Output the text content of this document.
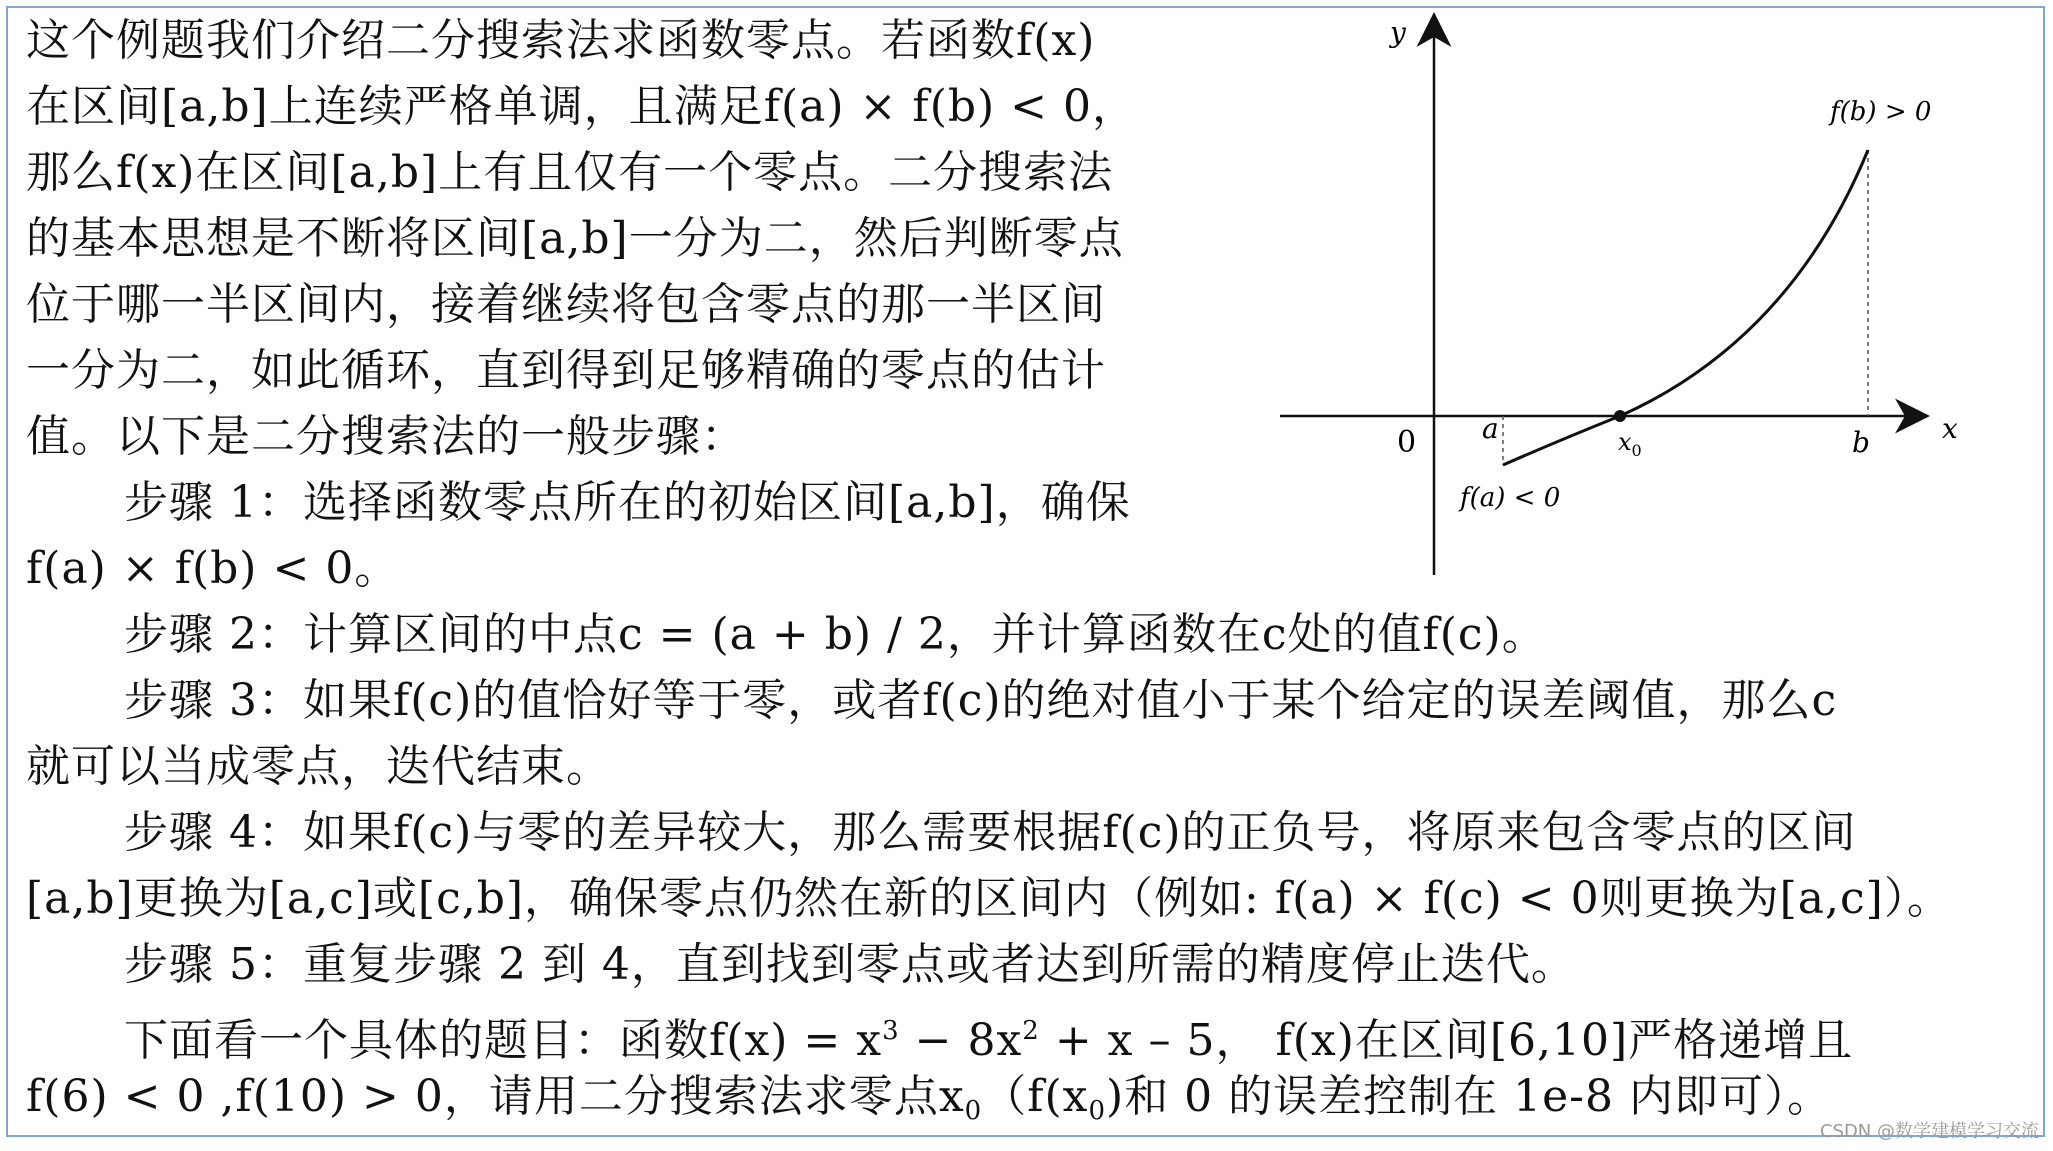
这个例题我们介绍二分搜索法求函数零点。若函数f(x)
在区间[a,b]上连续严格单调，且满足f(a) × f(b) < 0，
那么f(x)在区间[a,b]上有且仅有一个零点。二分搜索法
的基本思想是不断将区间[a,b]一分为二，然后判断零点
位于哪一半区间内，接着继续将包含零点的那一半区间
一分为二，如此循环，直到得到足够精确的零点的估计
值。以下是二分搜索法的一般步骤：
步骤 1：选择函数零点所在的初始区间[a,b]，确保
f(a) × f(b) < 0。
步骤 2：计算区间的中点c = (a + b) / 2，并计算函数在c处的值f(c)。
步骤 3：如果f(c)的值恰好等于零，或者f(c)的绝对值小于某个给定的误差阈值，那么c
就可以当成零点，迭代结束。
步骤 4：如果f(c)与零的差异较大，那么需要根据f(c)的正负号，将原来包含零点的区间
[a,b]更换为[a,c]或[c,b]，确保零点仍然在新的区间内（例如: f(a) × f(c) < 0则更换为[a,c]）。
步骤 5：重复步骤 2 到 4，直到找到零点或者达到所需的精度停止迭代。
下面看一个具体的题目：函数$f(x) = x^3 - 8x^2 + x - 5$， f(x)在区间[6,10]严格递增且
f(6) < 0 ,f(10) > 0，请用二分搜索法求零点$x_0(f(x_0)$和 0 的误差控制在 1e-8 内即可）。
y
x
0 a	b
$x_0$
f(b) > 0
f(a) < 0
CSDN @数学建模学习交流
